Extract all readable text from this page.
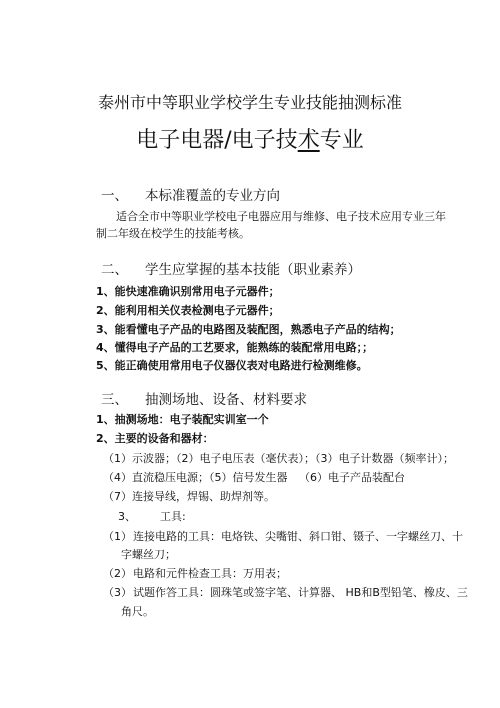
泰州市中等职业学校学生专业技能抽测标准
电子电器/电子技术专业
一、 本标准覆盖的专业方向
适合全市中等职业学校电子电器应用与维修、电子技术应用专业三年
制二年级在校学生的技能考核。
二、 学生应掌握的基本技能（职业素养）
1、能快速准确识别常用电子元器件；
2、能利用相关仪表检测电子元器件；
3、能看懂电子产品的电路图及装配图，熟悉电子产品的结构；
4、懂得电子产品的工艺要求，能熟练的装配常用电路；；
5、能正确使用常用电子仪器仪表对电路进行检测维修。
三、 抽测场地、设备、材料要求
1、抽测场地：电子装配实训室一个
2、主要的设备和器材：
（1）示波器；（2）电子电压表（毫伏表）；（3）电子计数器（频率计）；
（4）直流稳压电源；（5）信号发生器 （6）电子产品装配台
（7）连接导线，焊锡、助焊剂等。
3、 工具:
（1） 连接电路的工具：电烙铁、尖嘴钳、斜口钳、镊子、一字螺丝刀、十
字螺丝刀；
（2） 电路和元件检查工具：万用表；
（3） 试题作答工具：圆珠笔或签字笔、计算器、 HB和B型铅笔、橡皮、三
角尺。
